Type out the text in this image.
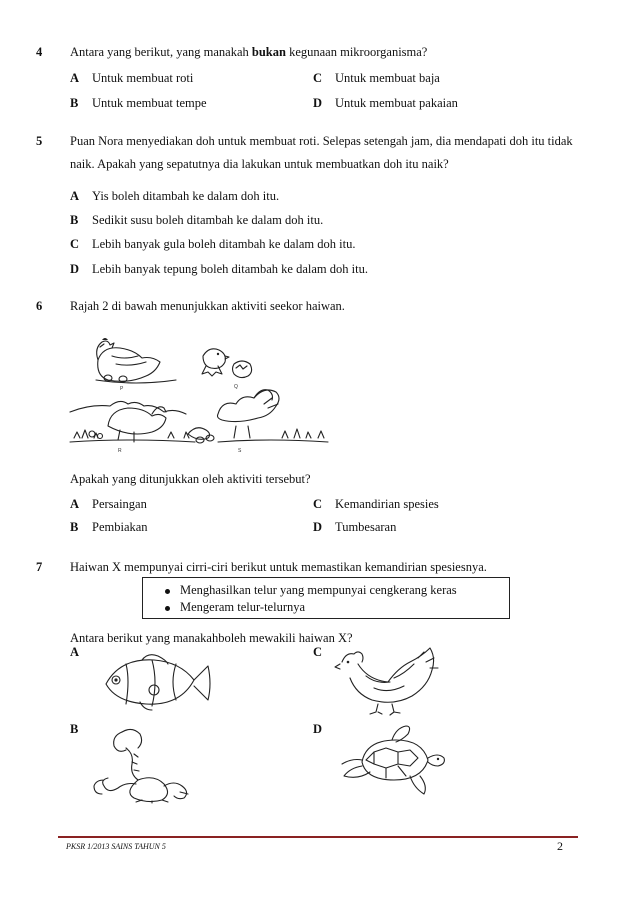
4 Antara yang berikut, yang manakah bukan kegunaan mikroorganisma?
A Untuk membuat roti	C Untuk membuat baja
B Untuk membuat tempe	D Untuk membuat pakaian
5 Puan Nora menyediakan doh untuk membuat roti. Selepas setengah jam, dia mendapati doh itu tidak
naik. Apakah yang sepatutnya dia lakukan untuk membuatkan doh itu naik?
A Yis boleh ditambah ke dalam doh itu.
B Sedikit susu boleh ditambah ke dalam doh itu.
C Lebih banyak gula boleh ditambah ke dalam doh itu.
D Lebih banyak tepung boleh ditambah ke dalam doh itu.
6 Rajah 2 di bawah menunjukkan aktiviti seekor haiwan.
P	Q
R	S
Apakah yang ditunjukkan oleh aktiviti tersebut?
A Persaingan	C Kemandirian spesies
B Pembiakan	D Tumbesaran
7 Haiwan X mempunyai cirri-ciri berikut untuk memastikan kemandirian spesiesnya.
Menghasilkan telur yang mempunyai cengkerang keras
Mengeram telur-telurnya
Antara berikut yang manakahboleh mewakili haiwan X?
A	C
B	D
PKSR 1/2013 SAINS TAHUN 5	2
